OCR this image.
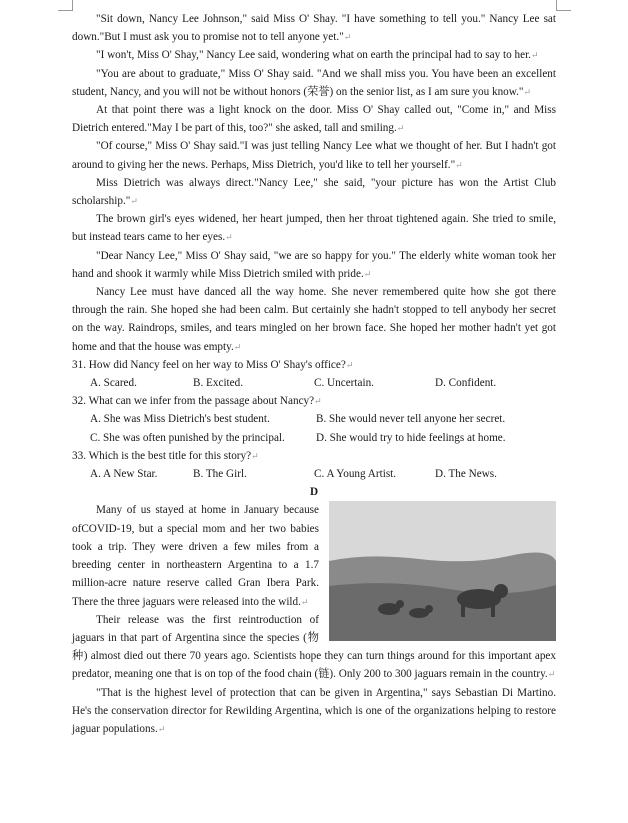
"Sit down, Nancy Lee Johnson," said Miss O' Shay. "I have something to tell you." Nancy Lee sat down."But I must ask you to promise not to tell anyone yet."↵

"I won't, Miss O' Shay," Nancy Lee said, wondering what on earth the principal had to say to her.↵

"You are about to graduate," Miss O' Shay said. "And we shall miss you. You have been an excellent student, Nancy, and you will not be without honors (荣誉) on the senior list, as I am sure you know."↵

At that point there was a light knock on the door. Miss O' Shay called out, "Come in," and Miss Dietrich entered."May I be part of this, too?" she asked, tall and smiling.↵

"Of course," Miss O' Shay said."I was just telling Nancy Lee what we thought of her. But I hadn't got around to giving her the news. Perhaps, Miss Dietrich, you'd like to tell her yourself."↵

Miss Dietrich was always direct."Nancy Lee," she said, "your picture has won the Artist Club scholarship."↵

The brown girl's eyes widened, her heart jumped, then her throat tightened again. She tried to smile, but instead tears came to her eyes.↵

"Dear Nancy Lee," Miss O' Shay said, "we are so happy for you." The elderly white woman took her hand and shook it warmly while Miss Dietrich smiled with pride.↵

Nancy Lee must have danced all the way home. She never remembered quite how she got there through the rain. She hoped she had been calm. But certainly she hadn't stopped to tell anybody her secret on the way. Raindrops, smiles, and tears mingled on her brown face. She hoped her mother hadn't yet got home and that the house was empty.↵

31. How did Nancy feel on her way to Miss O' Shay's office?↵

A. Scared.	B. Excited.	C. Uncertain.	D. Confident.

32. What can we infer from the passage about Nancy?↵

A. She was Miss Dietrich's best student.	B. She would never tell anyone her secret.
C. She was often punished by the principal.	D. She would try to hide feelings at home.

33. Which is the best title for this story?↵

A. A New Star.	B. The Girl.	C. A Young Artist.	D. The News.

D

Many of us stayed at home in January because ofCOVID-19, but a special mom and her two babies took a trip. They were driven a few miles from a breeding center in northeastern Argentina to a 1.7 million-acre nature reserve called Gran Ibera Park. There the three jaguars were released into the wild.↵

Their release was the first reintroduction of jaguars in that part of Argentina since the species (物种) almost died out there 70 years ago. Scientists hope they can turn things around for this important apex predator, meaning one that is on top of the food chain (链). Only 200 to 300 jaguars remain in the country.↵

"That is the highest level of protection that can be given in Argentina," says Sebastian Di Martino. He's the conservation director for Rewilding Argentina, which is one of the organizations helping to restore jaguar populations.↵
